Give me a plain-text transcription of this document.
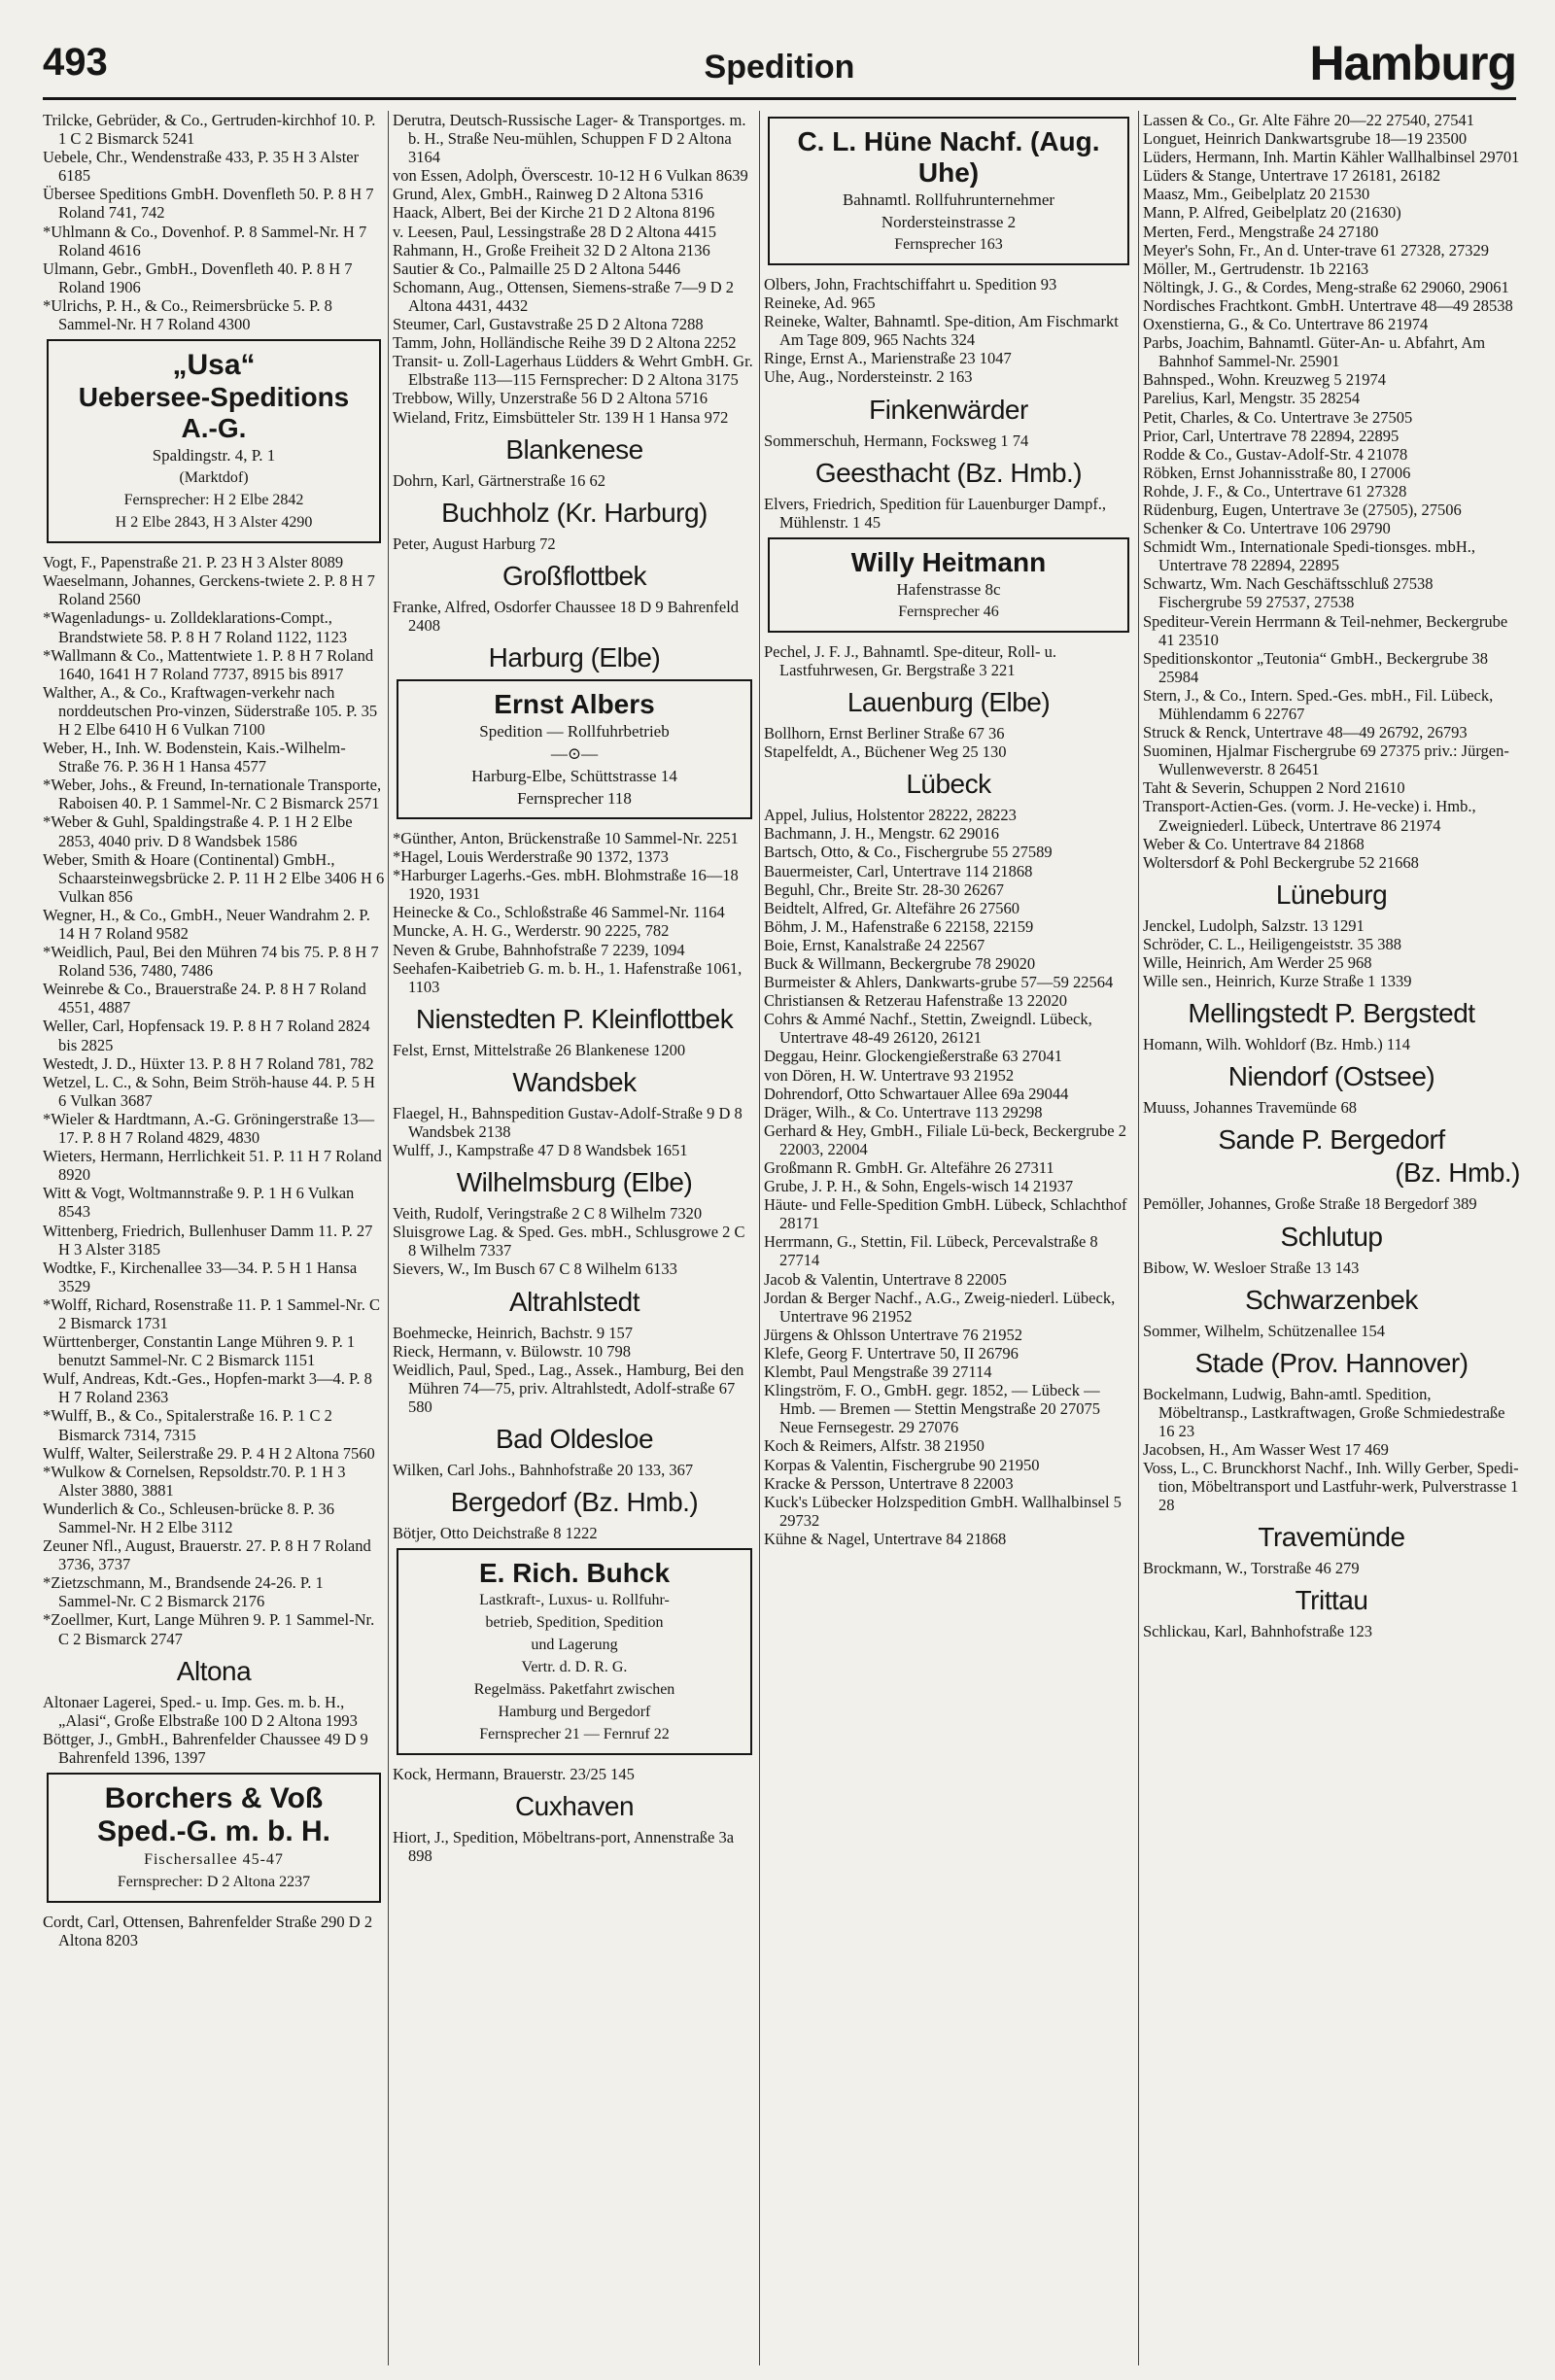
493	Spedition	Hamburg

Trilcke, Gebrüder, & Co., Gertruden-kirchhof 10. P. 1 C 2 Bismarck 5241

Uebele, Chr., Wendenstraße 433, P. 35 H 3 Alster 6185

Übersee Speditions GmbH. Dovenfleth 50. P. 8 H 7 Roland 741, 742

*Uhlmann & Co., Dovenhof. P. 8 Sammel-Nr. H 7 Roland 4616

Ulmann, Gebr., GmbH., Dovenfleth 40. P. 8 H 7 Roland 1906

*Ulrichs, P. H., & Co., Reimersbrücke 5. P. 8 Sammel-Nr. H 7 Roland 4300

„Usa“
Uebersee-Speditions A.-G.
Spaldingstr. 4, P. 1
(Marktdof)
Fernsprecher: H 2 Elbe 2842
H 2 Elbe 2843, H 3 Alster 4290

Vogt, F., Papenstraße 21. P. 23 H 3 Alster 8089

Waeselmann, Johannes, Gerckens-twiete 2. P. 8 H 7 Roland 2560

*Wagenladungs- u. Zolldeklarations-Compt., Brandstwiete 58. P. 8 H 7 Roland 1122, 1123

*Wallmann & Co., Mattentwiete 1. P. 8 H 7 Roland 1640, 1641 H 7 Roland 7737, 8915 bis 8917

Walther, A., & Co., Kraftwagen-verkehr nach norddeutschen Pro-vinzen, Süderstraße 105. P. 35 H 2 Elbe 6410 H 6 Vulkan 7100

Weber, H., Inh. W. Bodenstein, Kais.-Wilhelm-Straße 76. P. 36 H 1 Hansa 4577

*Weber, Johs., & Freund, In-ternationale Transporte, Raboisen 40. P. 1 Sammel-Nr. C 2 Bismarck 2571

*Weber & Guhl, Spaldingstraße 4. P. 1 H 2 Elbe 2853, 4040 priv. D 8 Wandsbek 1586

Weber, Smith & Hoare (Continental) GmbH., Schaarsteinwegsbrücke 2. P. 11 H 2 Elbe 3406 H 6 Vulkan 856

Wegner, H., & Co., GmbH., Neuer Wandrahm 2. P. 14 H 7 Roland 9582

*Weidlich, Paul, Bei den Mühren 74 bis 75. P. 8 H 7 Roland 536, 7480, 7486

Weinrebe & Co., Brauerstraße 24. P. 8 H 7 Roland 4551, 4887

Weller, Carl, Hopfensack 19. P. 8 H 7 Roland 2824 bis 2825

Westedt, J. D., Hüxter 13. P. 8 H 7 Roland 781, 782

Wetzel, L. C., & Sohn, Beim Ströh-hause 44. P. 5 H 6 Vulkan 3687

*Wieler & Hardtmann, A.-G. Gröningerstraße 13—17. P. 8 H 7 Roland 4829, 4830

Wieters, Hermann, Herrlichkeit 51. P. 11 H 7 Roland 8920

Witt & Vogt, Woltmannstraße 9. P. 1 H 6 Vulkan 8543

Wittenberg, Friedrich, Bullenhuser Damm 11. P. 27 H 3 Alster 3185

Wodtke, F., Kirchenallee 33—34. P. 5 H 1 Hansa 3529

*Wolff, Richard, Rosenstraße 11. P. 1 Sammel-Nr. C 2 Bismarck 1731

Württenberger, Constantin Lange Mühren 9. P. 1 benutzt Sammel-Nr. C 2 Bismarck 1151

Wulf, Andreas, Kdt.-Ges., Hopfen-markt 3—4. P. 8 H 7 Roland 2363

*Wulff, B., & Co., Spitalerstraße 16. P. 1 C 2 Bismarck 7314, 7315

Wulff, Walter, Seilerstraße 29. P. 4 H 2 Altona 7560

*Wulkow & Cornelsen, Repsoldstr.70. P. 1 H 3 Alster 3880, 3881

Wunderlich & Co., Schleusen-brücke 8. P. 36 Sammel-Nr. H 2 Elbe 3112

Zeuner Nfl., August, Brauerstr. 27. P. 8 H 7 Roland 3736, 3737

*Zietzschmann, M., Brandsende 24-26. P. 1 Sammel-Nr. C 2 Bismarck 2176

*Zoellmer, Kurt, Lange Mühren 9. P. 1 Sammel-Nr. C 2 Bismarck 2747

Altona

Altonaer Lagerei, Sped.- u. Imp. Ges. m. b. H., „Alasi“, Große Elbstraße 100 D 2 Altona 1993

Böttger, J., GmbH., Bahrenfelder Chaussee 49 D 9 Bahrenfeld 1396, 1397

Borchers & Voß
Sped.-G. m. b. H.
Fischersallee 45-47
Fernsprecher: D 2 Altona 2237

Cordt, Carl, Ottensen, Bahrenfelder Straße 290 D 2 Altona 8203

Derutra, Deutsch-Russische Lager- & Transportges. m. b. H., Straße Neu-mühlen, Schuppen F D 2 Altona 3164

von Essen, Adolph, Överscestr. 10-12 H 6 Vulkan 8639

Grund, Alex, GmbH., Rainweg D 2 Altona 5316

Haack, Albert, Bei der Kirche 21 D 2 Altona 8196

v. Leesen, Paul, Lessingstraße 28 D 2 Altona 4415

Rahmann, H., Große Freiheit 32 D 2 Altona 2136

Sautier & Co., Palmaille 25 D 2 Altona 5446

Schomann, Aug., Ottensen, Siemens-straße 7—9 D 2 Altona 4431, 4432

Steumer, Carl, Gustavstraße 25 D 2 Altona 7288

Tamm, John, Holländische Reihe 39 D 2 Altona 2252

Transit- u. Zoll-Lagerhaus Lüdders & Wehrt GmbH. Gr. Elbstraße 113—115 Fernsprecher: D 2 Altona 3175

Trebbow, Willy, Unzerstraße 56 D 2 Altona 5716

Wieland, Fritz, Eimsbütteler Str. 139 H 1 Hansa 972

Blankenese

Dohrn, Karl, Gärtnerstraße 16 62

Buchholz (Kr. Harburg)

Peter, August Harburg 72

Großflottbek

Franke, Alfred, Osdorfer Chaussee 18 D 9 Bahrenfeld 2408

Harburg (Elbe)
Ernst Albers
Spedition — Rollfuhrbetrieb
—⊙—
Harburg-Elbe, Schüttstrasse 14
Fernsprecher 118

*Günther, Anton, Brückenstraße 10 Sammel-Nr. 2251

*Hagel, Louis Werderstraße 90 1372, 1373

*Harburger Lagerhs.-Ges. mbH. Blohmstraße 16—18 1920, 1931

Heinecke & Co., Schloßstraße 46 Sammel-Nr. 1164

Muncke, A. H. G., Werderstr. 90 2225, 782

Neven & Grube, Bahnhofstraße 7 2239, 1094

Seehafen-Kaibetrieb G. m. b. H., 1. Hafenstraße 1061, 1103

Nienstedten P. Kleinflottbek

Felst, Ernst, Mittelstraße 26 Blankenese 1200

Wandsbek

Flaegel, H., Bahnspedition Gustav-Adolf-Straße 9 D 8 Wandsbek 2138

Wulff, J., Kampstraße 47 D 8 Wandsbek 1651

Wilhelmsburg (Elbe)

Veith, Rudolf, Veringstraße 2 C 8 Wilhelm 7320

Sluisgrowe Lag. & Sped. Ges. mbH., Schlusgrowe 2 C 8 Wilhelm 7337

Sievers, W., Im Busch 67 C 8 Wilhelm 6133

Altrahlstedt

Boehmecke, Heinrich, Bachstr. 9 157

Rieck, Hermann, v. Bülowstr. 10 798

Weidlich, Paul, Sped., Lag., Assek., Hamburg, Bei den Mühren 74—75, priv. Altrahlstedt, Adolf-straße 67 580

Bad Oldesloe

Wilken, Carl Johs., Bahnhofstraße 20 133, 367

Bergedorf (Bz. Hmb.)

Bötjer, Otto Deichstraße 8 1222

E. Rich. Buhck
Lastkraft-, Luxus- u. Rollfuhr-
betrieb, Spedition, Spedition
und Lagerung
Vertr. d. D. R. G.
Regelmäss. Paketfahrt zwischen
Hamburg und Bergedorf
Fernsprecher 21 — Fernruf 22

Kock, Hermann, Brauerstr. 23/25 145

Cuxhaven

Hiort, J., Spedition, Möbeltrans-port, Annenstraße 3a 898

C. L. Hüne Nachf. (Aug. Uhe)
Bahnamtl. Rollfuhrunternehmer
Nordersteinstrasse 2
Fernsprecher 163

Olbers, John, Frachtschiffahrt u. Spedition 93

Reineke, Ad. 965

Reineke, Walter, Bahnamtl. Spe-dition, Am Fischmarkt Am Tage 809, 965 Nachts 324

Ringe, Ernst A., Marienstraße 23 1047

Uhe, Aug., Nordersteinstr. 2 163

Finkenwärder

Sommerschuh, Hermann, Focksweg 1 74

Geesthacht (Bz. Hmb.)

Elvers, Friedrich, Spedition für Lauenburger Dampf., Mühlenstr. 1 45

Willy Heitmann
Hafenstrasse 8c
Fernsprecher 46

Pechel, J. F. J., Bahnamtl. Spe-diteur, Roll- u. Lastfuhrwesen, Gr. Bergstraße 3 221

Lauenburg (Elbe)

Bollhorn, Ernst Berliner Straße 67 36

Stapelfeldt, A., Büchener Weg 25 130

Lübeck

Appel, Julius, Holstentor 28222, 28223

Bachmann, J. H., Mengstr. 62 29016

Bartsch, Otto, & Co., Fischergrube 55 27589

Bauermeister, Carl, Untertrave 114 21868

Beguhl, Chr., Breite Str. 28-30 26267

Beidtelt, Alfred, Gr. Altefähre 26 27560

Böhm, J. M., Hafenstraße 6 22158, 22159

Boie, Ernst, Kanalstraße 24 22567

Buck & Willmann, Beckergrube 78 29020

Burmeister & Ahlers, Dankwarts-grube 57—59 22564

Christiansen & Retzerau Hafenstraße 13 22020

Cohrs & Ammé Nachf., Stettin, Zweigndl. Lübeck, Untertrave 48-49 26120, 26121

Deggau, Heinr. Glockengießerstraße 63 27041

von Dören, H. W. Untertrave 93 21952

Dohrendorf, Otto Schwartauer Allee 69a 29044

Dräger, Wilh., & Co. Untertrave 113 29298

Gerhard & Hey, GmbH., Filiale Lü-beck, Beckergrube 2 22003, 22004

Großmann R. GmbH. Gr. Altefähre 26 27311

Grube, J. P. H., & Sohn, Engels-wisch 14 21937

Häute- und Felle-Spedition GmbH. Lübeck, Schlachthof 28171

Herrmann, G., Stettin, Fil. Lübeck, Percevalstraße 8 27714

Jacob & Valentin, Untertrave 8 22005

Jordan & Berger Nachf., A.G., Zweig-niederl. Lübeck, Untertrave 96 21952

Jürgens & Ohlsson Untertrave 76 21952

Klefe, Georg F. Untertrave 50, II 26796

Klembt, Paul Mengstraße 39 27114

Klingström, F. O., GmbH. gegr. 1852, — Lübeck — Hmb. — Bremen — Stettin Mengstraße 20 27075 Neue Fernsegestr. 29 27076

Koch & Reimers, Alfstr. 38 21950

Korpas & Valentin, Fischergrube 90 21950

Kracke & Persson, Untertrave 8 22003

Kuck's Lübecker Holzspedition GmbH. Wallhalbinsel 5 29732

Kühne & Nagel, Untertrave 84 21868

Lassen & Co., Gr. Alte Fähre 20—22 27540, 27541

Longuet, Heinrich Dankwartsgrube 18—19 23500

Lüders, Hermann, Inh. Martin Kähler Wallhalbinsel 29701

Lüders & Stange, Untertrave 17 26181, 26182

Maasz, Mm., Geibelplatz 20 21530

Mann, P. Alfred, Geibelplatz 20 (21630)

Merten, Ferd., Mengstraße 24 27180

Meyer's Sohn, Fr., An d. Unter-trave 61 27328, 27329

Möller, M., Gertrudenstr. 1b 22163

Nöltingk, J. G., & Cordes, Meng-straße 62 29060, 29061

Nordisches Frachtkont. GmbH. Untertrave 48—49 28538

Oxenstierna, G., & Co. Untertrave 86 21974

Parbs, Joachim, Bahnamtl. Güter-An- u. Abfahrt, Am Bahnhof Sammel-Nr. 25901

Bahnsped., Wohn. Kreuzweg 5 21974

Parelius, Karl, Mengstr. 35 28254

Petit, Charles, & Co. Untertrave 3e 27505

Prior, Carl, Untertrave 78 22894, 22895

Rodde & Co., Gustav-Adolf-Str. 4 21078

Röbken, Ernst Johannisstraße 80, I 27006

Rohde, J. F., & Co., Untertrave 61 27328

Rüdenburg, Eugen, Untertrave 3e (27505), 27506

Schenker & Co. Untertrave 106 29790

Schmidt Wm., Internationale Spedi-tionsges. mbH., Untertrave 78 22894, 22895

Schwartz, Wm. Nach Geschäftsschluß 27538 Fischergrube 59 27537, 27538

Spediteur-Verein Herrmann & Teil-nehmer, Beckergrube 41 23510

Speditionskontor „Teutonia“ GmbH., Beckergrube 38 25984

Stern, J., & Co., Intern. Sped.-Ges. mbH., Fil. Lübeck, Mühlendamm 6 22767

Struck & Renck, Untertrave 48—49 26792, 26793

Suominen, Hjalmar Fischergrube 69 27375 priv.: Jürgen-Wullenweverstr. 8 26451

Taht & Severin, Schuppen 2 Nord 21610

Transport-Actien-Ges. (vorm. J. He-vecke) i. Hmb., Zweigniederl. Lübeck, Untertrave 86 21974

Weber & Co. Untertrave 84 21868

Woltersdorf & Pohl Beckergrube 52 21668

Lüneburg

Jenckel, Ludolph, Salzstr. 13 1291

Schröder, C. L., Heiligengeiststr. 35 388

Wille, Heinrich, Am Werder 25 968

Wille sen., Heinrich, Kurze Straße 1 1339

Mellingstedt P. Bergstedt

Homann, Wilh. Wohldorf (Bz. Hmb.) 114

Niendorf (Ostsee)

Muuss, Johannes Travemünde 68

Sande P. Bergedorf
(Bz. Hmb.)

Pemöller, Johannes, Große Straße 18 Bergedorf 389

Schlutup

Bibow, W. Wesloer Straße 13 143

Schwarzenbek

Sommer, Wilhelm, Schützenallee 154

Stade (Prov. Hannover)

Bockelmann, Ludwig, Bahn-amtl. Spedition, Möbeltransp., Lastkraftwagen, Große Schmiedestraße 16 23

Jacobsen, H., Am Wasser West 17 469

Voss, L., C. Brunckhorst Nachf., Inh. Willy Gerber, Spedi-tion, Möbeltransport und Lastfuhr-werk, Pulverstrasse 1 28

Travemünde

Brockmann, W., Torstraße 46 279

Trittau

Schlickau, Karl, Bahnhofstraße 123
